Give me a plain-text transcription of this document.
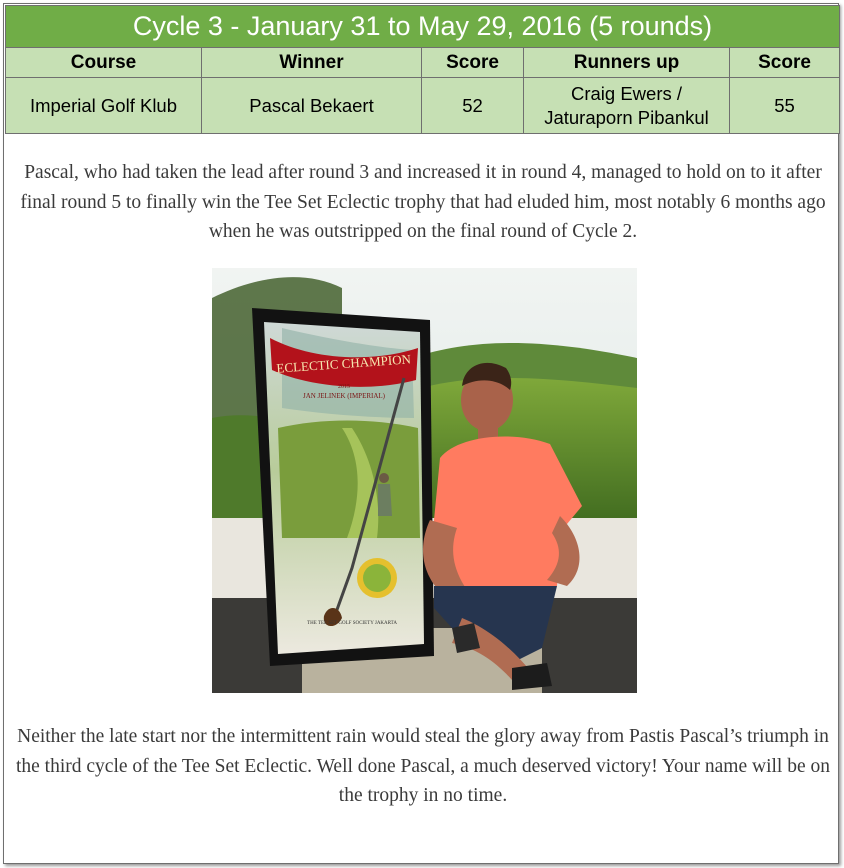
Cycle 3 - January 31 to May 29, 2016 (5 rounds)				
Course	Winner	Score	Runners up	Score
Imperial Golf Klub	Pascal Bekaert	52	Craig Ewers /
Jaturaporn Pibankul	55

Pascal, who had taken the lead after round 3 and increased it in round 4, managed to hold on to it after final round 5 to finally win the Tee Set Eclectic trophy that had eluded him, most notably 6 months ago when he was outstripped on the final round of Cycle 2.

ECLECTIC CHAMPION
2015
JAN JELINEK (IMPERIAL)
THE TEE SET GOLF SOCIETY JAKARTA

Neither the late start nor the intermittent rain would steal the glory away from Pastis Pascal’s triumph in the third cycle of the Tee Set Eclectic. Well done Pascal, a much deserved victory! Your name will be on the trophy in no time.
